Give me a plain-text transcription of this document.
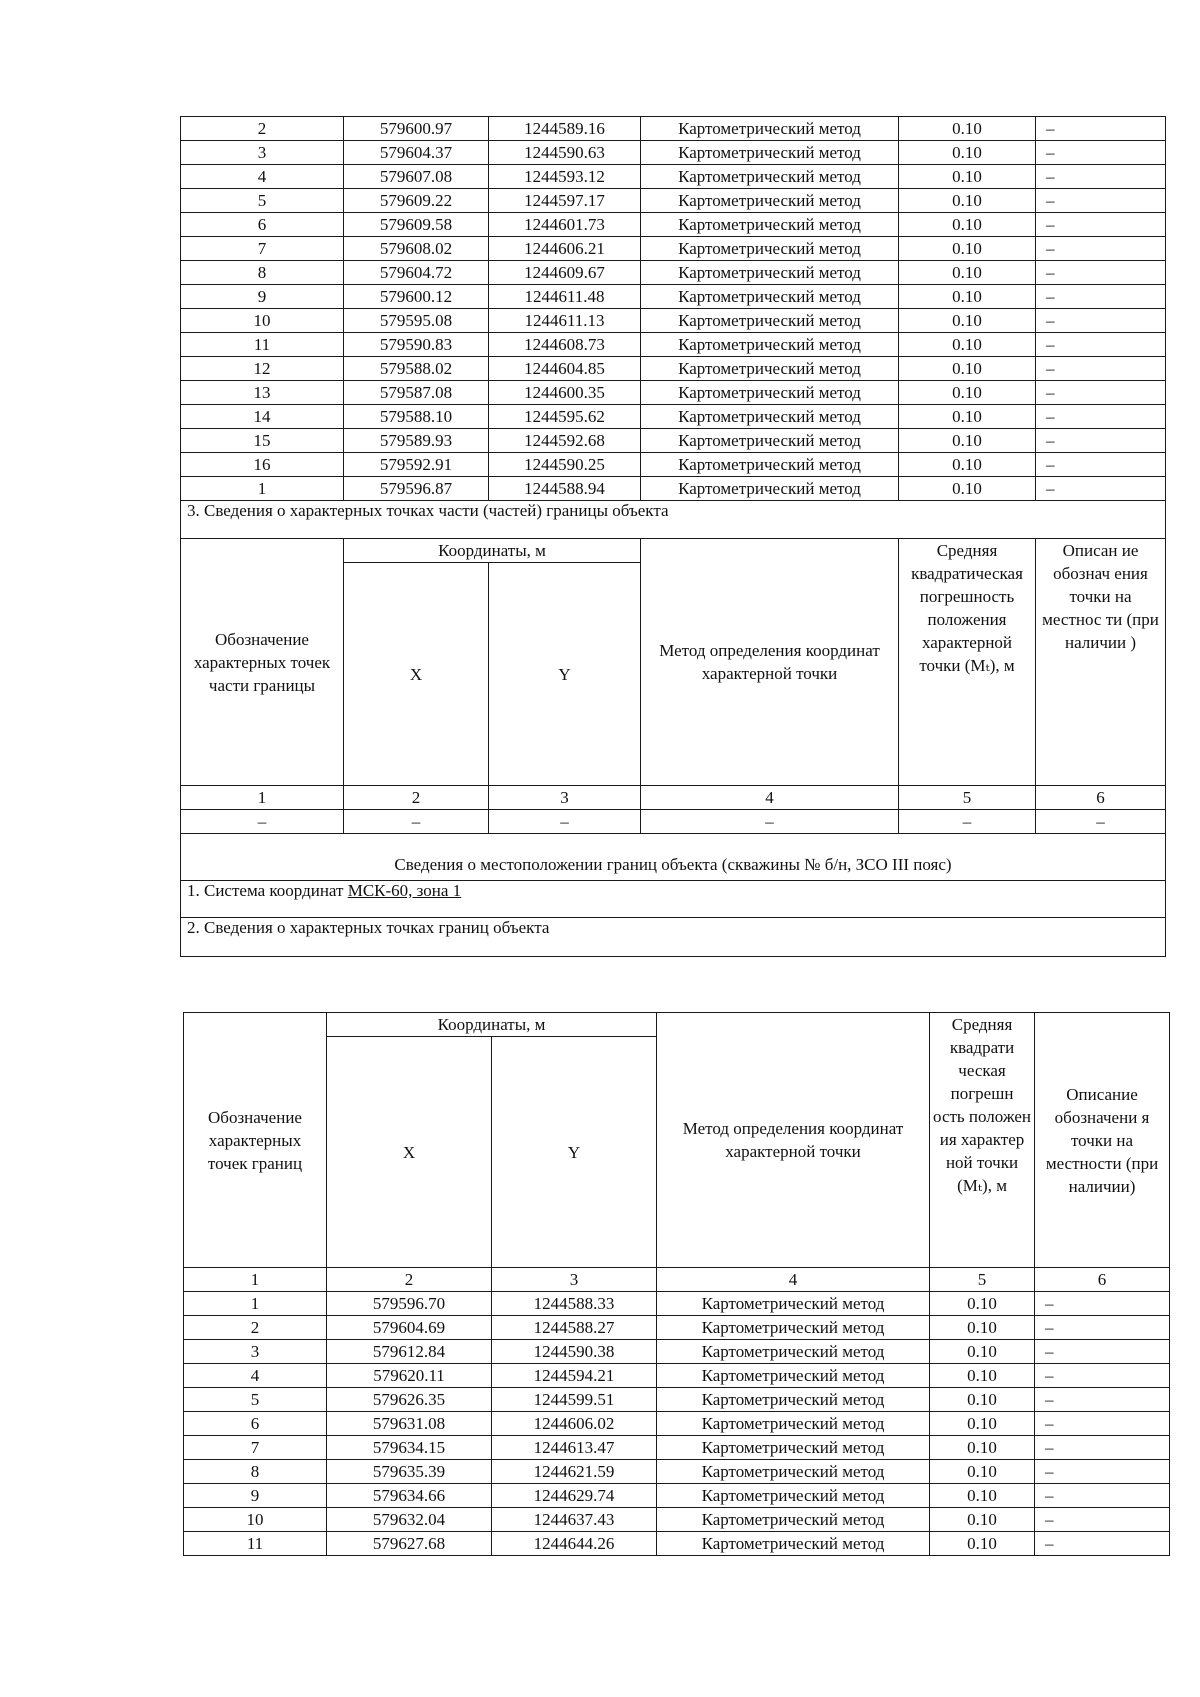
2	579600.97	1244589.16	Картометрический метод	0.10	–
3	579604.37	1244590.63	Картометрический метод	0.10	–
4	579607.08	1244593.12	Картометрический метод	0.10	–
5	579609.22	1244597.17	Картометрический метод	0.10	–
6	579609.58	1244601.73	Картометрический метод	0.10	–
7	579608.02	1244606.21	Картометрический метод	0.10	–
8	579604.72	1244609.67	Картометрический метод	0.10	–
9	579600.12	1244611.48	Картометрический метод	0.10	–
10	579595.08	1244611.13	Картометрический метод	0.10	–
11	579590.83	1244608.73	Картометрический метод	0.10	–
12	579588.02	1244604.85	Картометрический метод	0.10	–
13	579587.08	1244600.35	Картометрический метод	0.10	–
14	579588.10	1244595.62	Картометрический метод	0.10	–
15	579589.93	1244592.68	Картометрический метод	0.10	–
16	579592.91	1244590.25	Картометрический метод	0.10	–
1	579596.87	1244588.94	Картометрический метод	0.10	–
3. Сведения о характерных точках части (частей) границы объекта					
Обозначение характерных точек части границы	Координаты, м		Метод определения координат характерной точки	Средняя квадратическая погрешность положения характерной точки (Mₜ), м	Описан ие обознач ения точки на местнос ти (при наличии )
	X	Y			
1	2	3	4	5	6
–	–	–	–	–	–

Сведения о местоположении границ объекта (скважины № б/н, ЗСО III пояс)					
1. Система координат МСК-60, зона 1					
2. Сведения о характерных точках границ объекта					
Обозначение характерных точек границ	Координаты, м		Метод определения координат характерной точки	Средняя квадрати ческая погрешн ость положен ия характер ной точки (Mₜ), м	Описание обозначени я точки на местности (при наличии)
	X	Y			
1	2	3	4	5	6
1	579596.70	1244588.33	Картометрический метод	0.10	–
2	579604.69	1244588.27	Картометрический метод	0.10	–
3	579612.84	1244590.38	Картометрический метод	0.10	–
4	579620.11	1244594.21	Картометрический метод	0.10	–
5	579626.35	1244599.51	Картометрический метод	0.10	–
6	579631.08	1244606.02	Картометрический метод	0.10	–
7	579634.15	1244613.47	Картометрический метод	0.10	–
8	579635.39	1244621.59	Картометрический метод	0.10	–
9	579634.66	1244629.74	Картометрический метод	0.10	–
10	579632.04	1244637.43	Картометрический метод	0.10	–
11	579627.68	1244644.26	Картометрический метод	0.10	–
